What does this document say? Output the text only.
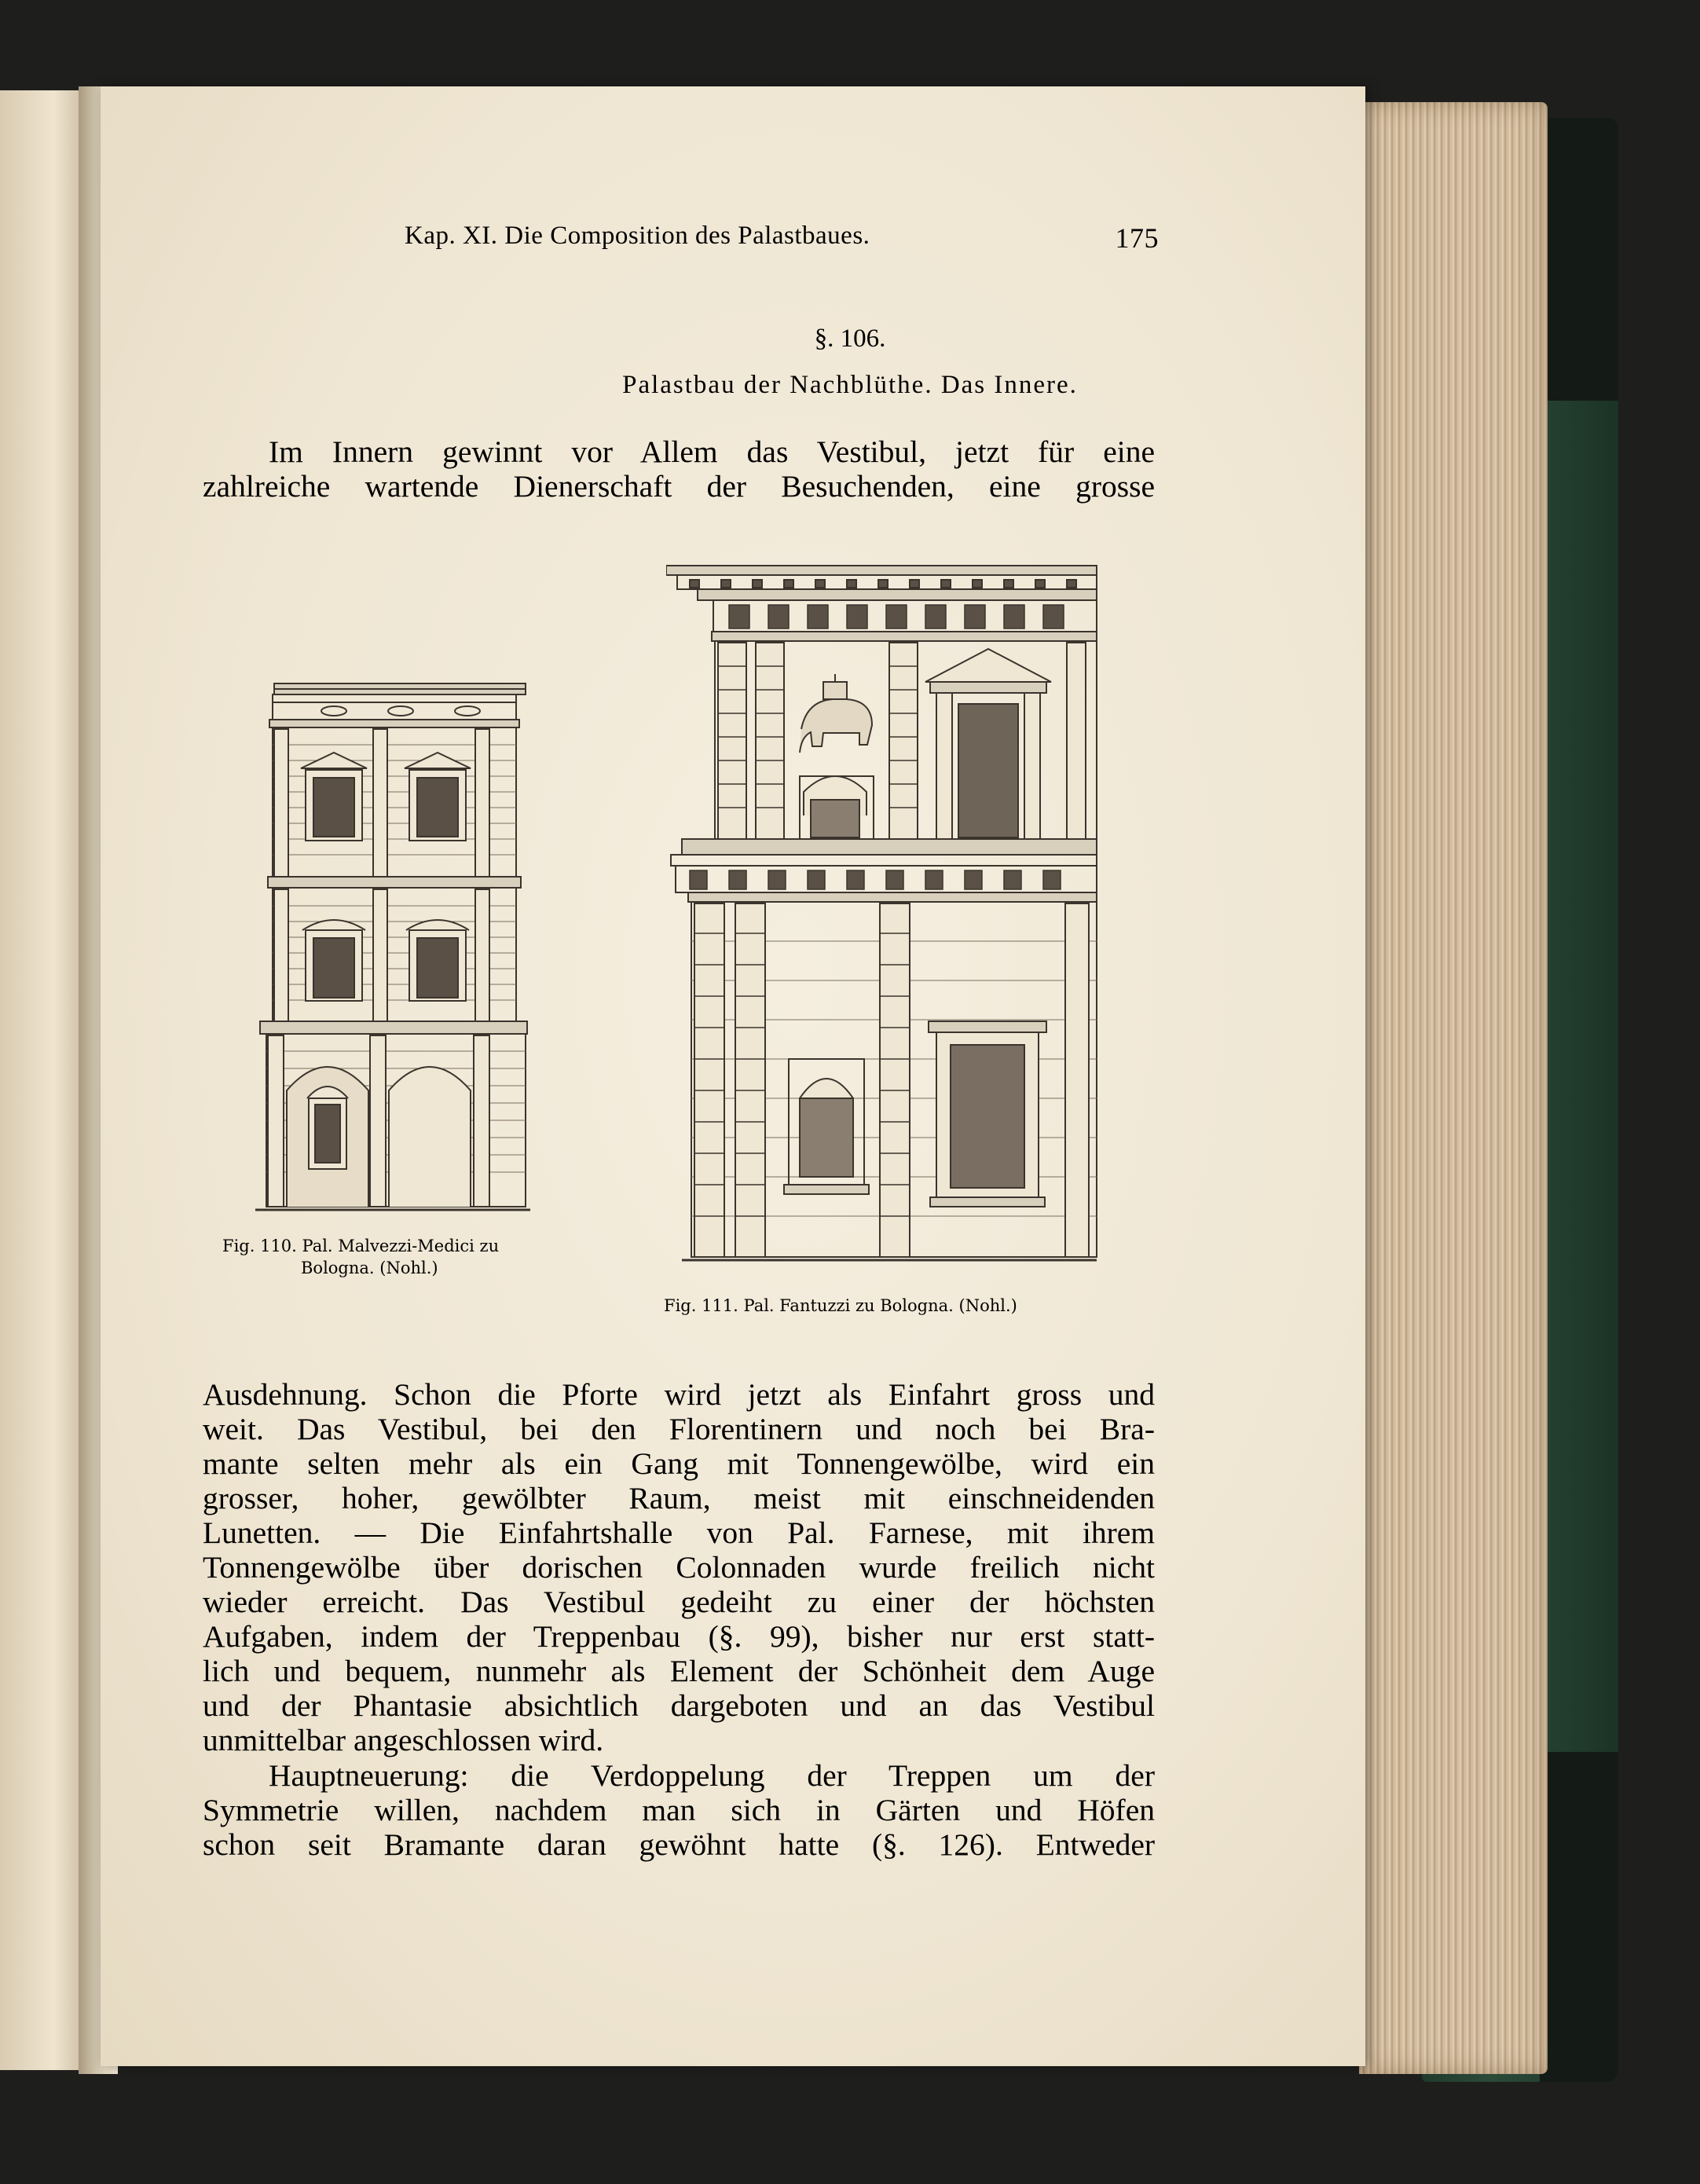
Kap. XI. Die Composition des Palastbaues.	175
§. 106.
Palastbau der Nachblüthe. Das Innere.

Im Innern gewinnt vor Allem das Vestibul, jetzt für eine
zahlreiche wartende Dienerschaft der Besuchenden, eine grosse

Fig. 110. Pal. Malvezzi-Medici zu
Bologna. (Nohl.)
Fig. 111. Pal. Fantuzzi zu Bologna. (Nohl.)

Ausdehnung. Schon die Pforte wird jetzt als Einfahrt gross und
weit. Das Vestibul, bei den Florentinern und noch bei Bra-
mante selten mehr als ein Gang mit Tonnengewölbe, wird ein
grosser, hoher, gewölbter Raum, meist mit einschneidenden
Lunetten. — Die Einfahrtshalle von Pal. Farnese, mit ihrem
Tonnengewölbe über dorischen Colonnaden wurde freilich nicht
wieder erreicht. Das Vestibul gedeiht zu einer der höchsten
Aufgaben, indem der Treppenbau (§. 99), bisher nur erst statt-
lich und bequem, nunmehr als Element der Schönheit dem Auge
und der Phantasie absichtlich dargeboten und an das Vestibul
unmittelbar angeschlossen wird.

Hauptneuerung: die Verdoppelung der Treppen um der
Symmetrie willen, nachdem man sich in Gärten und Höfen
schon seit Bramante daran gewöhnt hatte (§. 126). Entweder
